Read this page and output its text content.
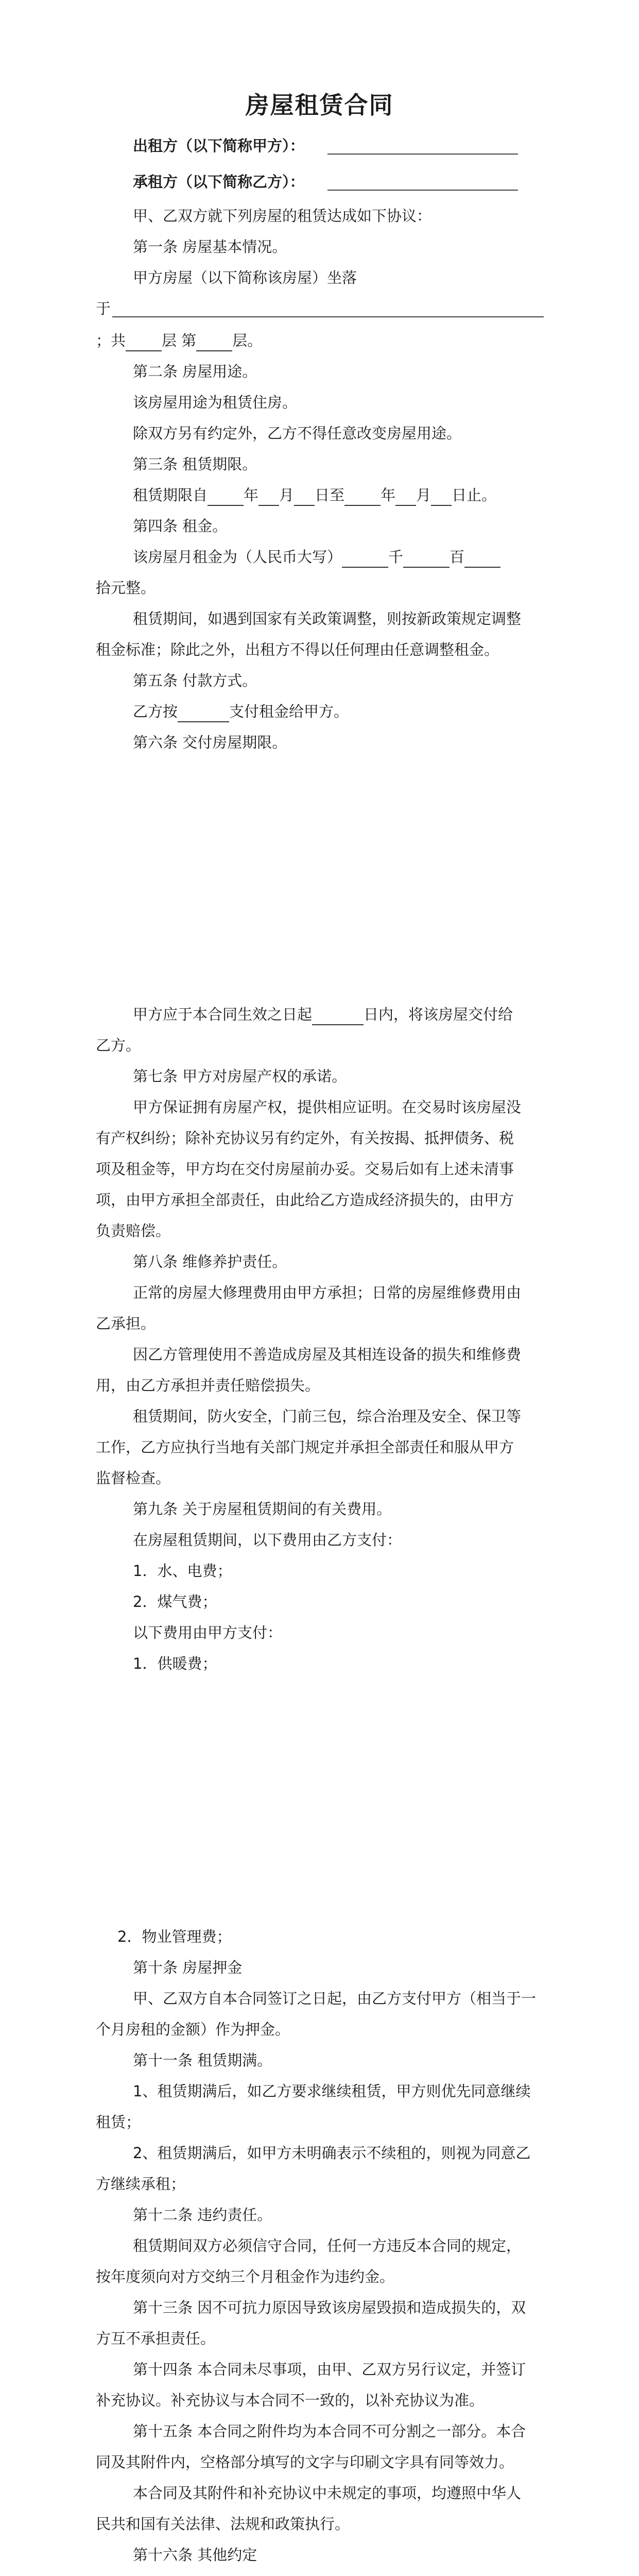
房屋租赁合同
出租方（以下简称甲方）：
承租方（以下简称乙方）：
甲、乙双方就下列房屋的租赁达成如下协议：
第一条 房屋基本情况。
甲方房屋（以下简称该房屋）坐落
于
；共 层 第 层。
第二条 房屋用途。
该房屋用途为租赁住房。
除双方另有约定外，乙方不得任意改变房屋用途。
第三条 租赁期限。
租赁期限自 年 月 日至 年 月 日止。
第四条 租金。
该房屋月租金为（人民币大写）	千	百
拾元整。
租赁期间，如遇到国家有关政策调整，则按新政策规定调整
租金标准；除此之外，出租方不得以任何理由任意调整租金。
第五条 付款方式。
乙方按	支付租金给甲方。
第六条 交付房屋期限。
甲方应于本合同生效之日起	日内，将该房屋交付给
乙方。
第七条 甲方对房屋产权的承诺。
甲方保证拥有房屋产权，提供相应证明。在交易时该房屋没
有产权纠纷；除补充协议另有约定外，有关按揭、抵押债务、税
项及租金等，甲方均在交付房屋前办妥。交易后如有上述未清事
项，由甲方承担全部责任，由此给乙方造成经济损失的，由甲方
负责赔偿。
第八条 维修养护责任。
正常的房屋大修理费用由甲方承担；日常的房屋维修费用由
乙承担。
因乙方管理使用不善造成房屋及其相连设备的损失和维修费
用，由乙方承担并责任赔偿损失。
租赁期间，防火安全，门前三包，综合治理及安全、保卫等
工作，乙方应执行当地有关部门规定并承担全部责任和服从甲方
监督检查。
第九条 关于房屋租赁期间的有关费用。
在房屋租赁期间，以下费用由乙方支付：
1．水、电费；
2．煤气费；
以下费用由甲方支付：
1．供暖费；
2．物业管理费；
第十条 房屋押金
甲、乙双方自本合同签订之日起，由乙方支付甲方（相当于一
个月房租的金额）作为押金。
第十一条 租赁期满。
1、租赁期满后，如乙方要求继续租赁，甲方则优先同意继续
租赁；
2、租赁期满后，如甲方未明确表示不续租的，则视为同意乙
方继续承租；
第十二条 违约责任。
租赁期间双方必须信守合同，任何一方违反本合同的规定，
按年度须向对方交纳三个月租金作为违约金。
第十三条 因不可抗力原因导致该房屋毁损和造成损失的，双
方互不承担责任。
第十四条 本合同未尽事项，由甲、乙双方另行议定，并签订
补充协议。补充协议与本合同不一致的，以补充协议为准。
第十五条 本合同之附件均为本合同不可分割之一部分。本合
同及其附件内，空格部分填写的文字与印刷文字具有同等效力。
本合同及其附件和补充协议中未规定的事项，均遵照中华人
民共和国有关法律、法规和政策执行。
第十六条 其他约定
